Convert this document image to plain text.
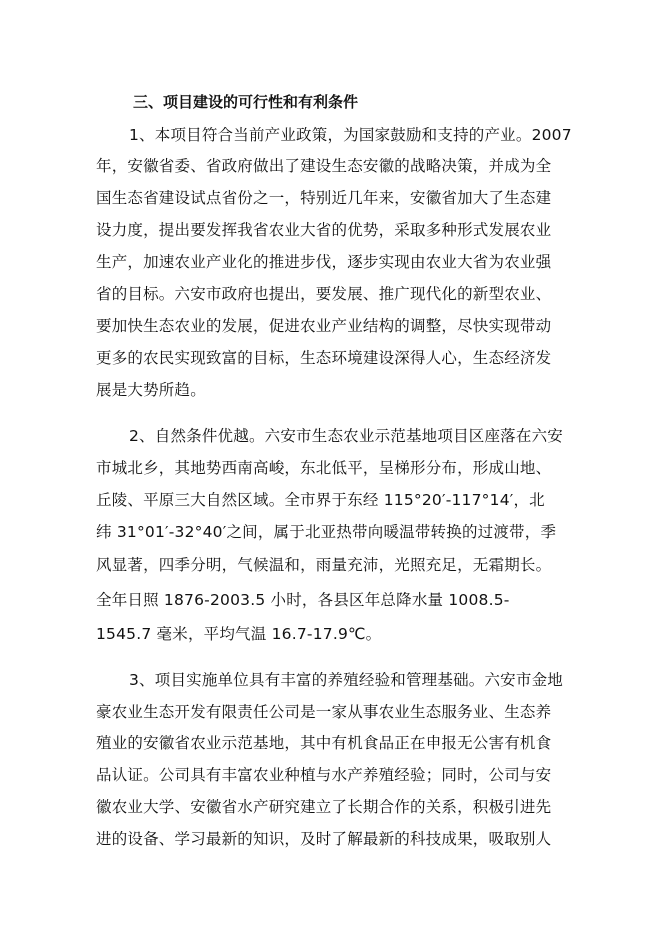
三、项目建设的可行性和有利条件
1、本项目符合当前产业政策，为国家鼓励和支持的产业。2007
年，安徽省委、省政府做出了建设生态安徽的战略决策，并成为全
国生态省建设试点省份之一，特别近几年来，安徽省加大了生态建
设力度，提出要发挥我省农业大省的优势，采取多种形式发展农业
生产，加速农业产业化的推进步伐，逐步实现由农业大省为农业强
省的目标。六安市政府也提出，要发展、推广现代化的新型农业、
要加快生态农业的发展，促进农业产业结构的调整，尽快实现带动
更多的农民实现致富的目标，生态环境建设深得人心，生态经济发
展是大势所趋。
2、自然条件优越。六安市生态农业示范基地项目区座落在六安
市城北乡，其地势西南高峻，东北低平，呈梯形分布，形成山地、
丘陵、平原三大自然区域。全市界于东经 115°20′-117°14′，北
纬 31°01′-32°40′之间，属于北亚热带向暖温带转换的过渡带，季
风显著，四季分明，气候温和，雨量充沛，光照充足，无霜期长。
全年日照 1876-2003.5 小时，各县区年总降水量 1008.5-
1545.7 毫米，平均气温 16.7-17.9℃。
3、项目实施单位具有丰富的养殖经验和管理基础。六安市金地
豪农业生态开发有限责任公司是一家从事农业生态服务业、生态养
殖业的安徽省农业示范基地，其中有机食品正在申报无公害有机食
品认证。公司具有丰富农业种植与水产养殖经验；同时，公司与安
徽农业大学、安徽省水产研究建立了长期合作的关系，积极引进先
进的设备、学习最新的知识，及时了解最新的科技成果，吸取别人
